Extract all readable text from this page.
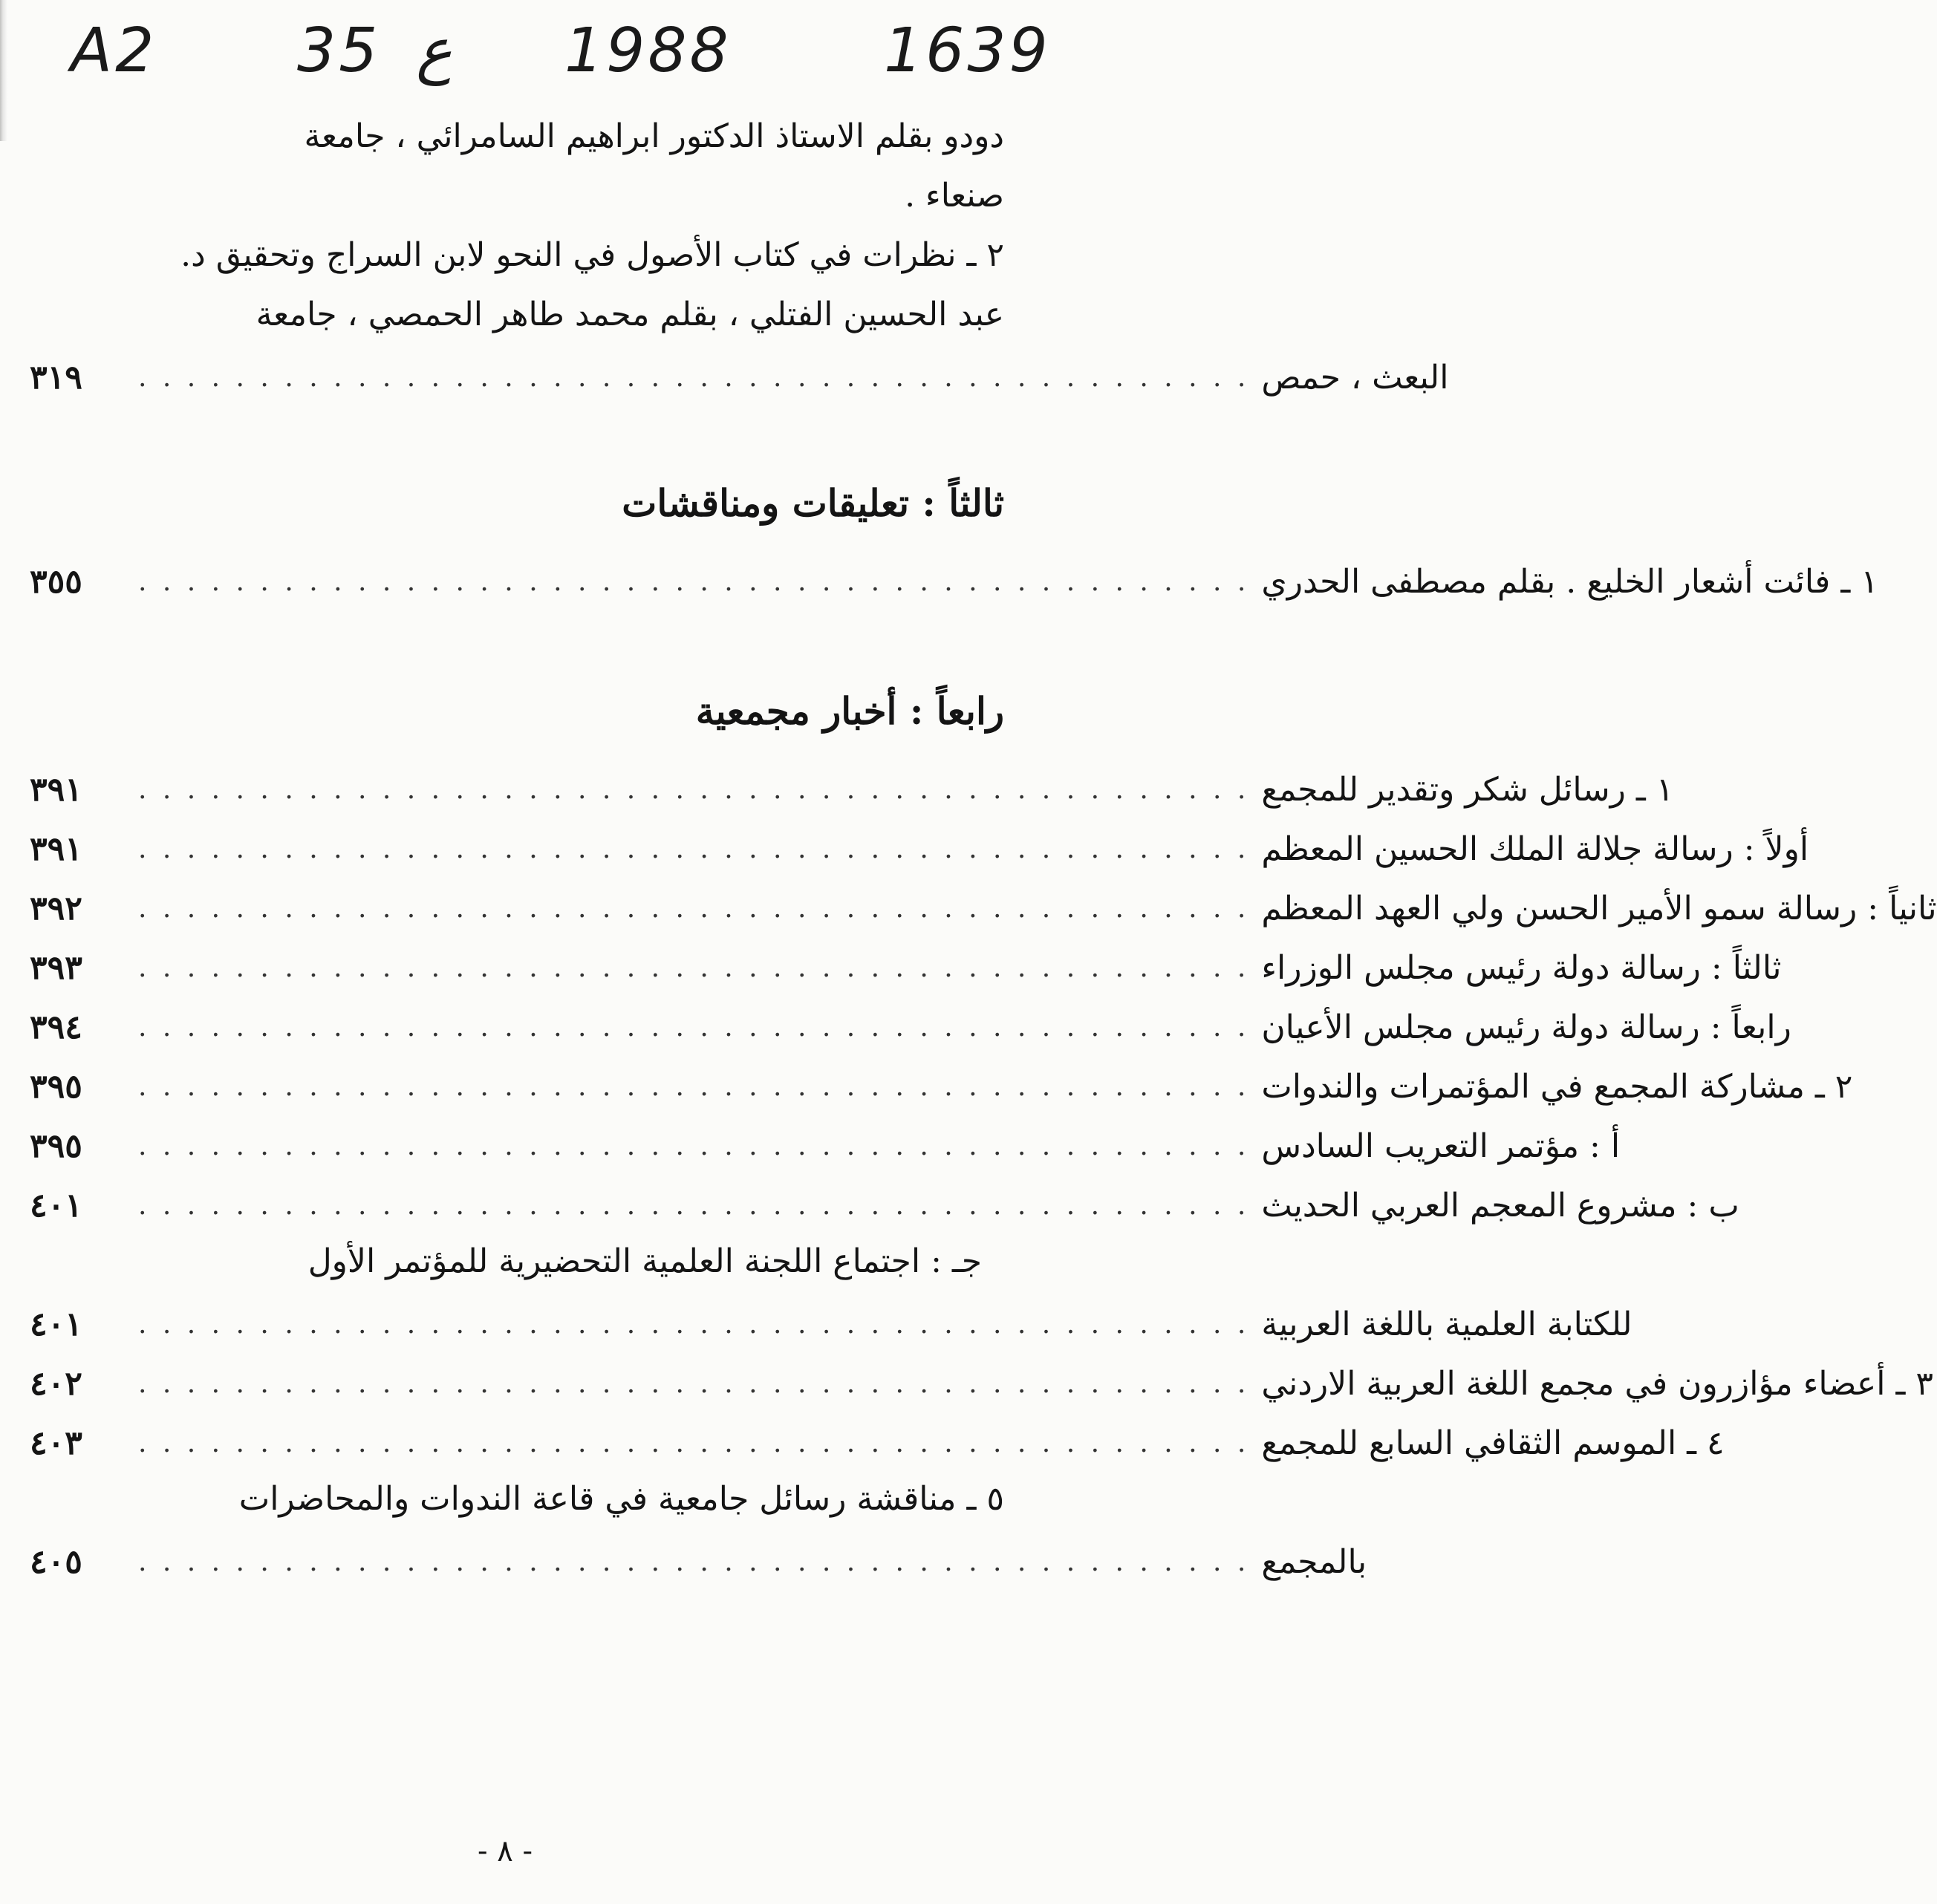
A2 35 ع 1988	1639
دودو بقلم الاستاذ الدكتور ابراهيم السامرائي ، جامعة
صنعاء .
٢ ـ نظرات في كتاب الأصول في النحو لابن السراج وتحقيق د.
عبد الحسين الفتلي ، بقلم محمد طاهر الحمصي ، جامعة
٣١٩	البعث ، حمص
. . . . . . . . . . . . . . . . . . . . . . . . . . . . . . . . . . . . . . . . . . . . . .
ثالثاً : تعليقات ومناقشات
٣٥٥	١ ـ فائت أشعار الخليع . بقلم مصطفى الحدري
. . . . . . . . . . . . . . . . . . . . . . . . . . . . . . . . . . . . . . . . . . . . . .
رابعاً : أخبار مجمعية
٣٩١	١ ـ رسائل شكر وتقدير للمجمع
. . . . . . . . . . . . . . . . . . . . . . . . . . . . . . . . . . . . . . . . . . . . . .
٣٩١	أولاً : رسالة جلالة الملك الحسين المعظم
. . . . . . . . . . . . . . . . . . . . . . . . . . . . . . . . . . . . . . . . . . . . . .
٣٩٢	ثانياً : رسالة سمو الأمير الحسن ولي العهد المعظم
. . . . . . . . . . . . . . . . . . . . . . . . . . . . . . . . . . . . . . . . . . . . . .
٣٩٣	ثالثاً : رسالة دولة رئيس مجلس الوزراء
. . . . . . . . . . . . . . . . . . . . . . . . . . . . . . . . . . . . . . . . . . . . . .
٣٩٤	رابعاً : رسالة دولة رئيس مجلس الأعيان
. . . . . . . . . . . . . . . . . . . . . . . . . . . . . . . . . . . . . . . . . . . . . .
٣٩٥	٢ ـ مشاركة المجمع في المؤتمرات والندوات
. . . . . . . . . . . . . . . . . . . . . . . . . . . . . . . . . . . . . . . . . . . . . .
٣٩٥	أ : مؤتمر التعريب السادس
. . . . . . . . . . . . . . . . . . . . . . . . . . . . . . . . . . . . . . . . . . . . . .
٤٠١	ب : مشروع المعجم العربي الحديث
. . . . . . . . . . . . . . . . . . . . . . . . . . . . . . . . . . . . . . . . . . . . . .
جـ : اجتماع اللجنة العلمية التحضيرية للمؤتمر الأول
٤٠١	للكتابة العلمية باللغة العربية
. . . . . . . . . . . . . . . . . . . . . . . . . . . . . . . . . . . . . . . . . . . . . .
٤٠٢	٣ ـ أعضاء مؤازرون في مجمع اللغة العربية الاردني
. . . . . . . . . . . . . . . . . . . . . . . . . . . . . . . . . . . . . . . . . . . . . .
٤٠٣	٤ ـ الموسم الثقافي السابع للمجمع
. . . . . . . . . . . . . . . . . . . . . . . . . . . . . . . . . . . . . . . . . . . . . .
٥ ـ مناقشة رسائل جامعية في قاعة الندوات والمحاضرات
٤٠٥	بالمجمع
. . . . . . . . . . . . . . . . . . . . . . . . . . . . . . . . . . . . . . . . . . . . . .
- ٨ -
